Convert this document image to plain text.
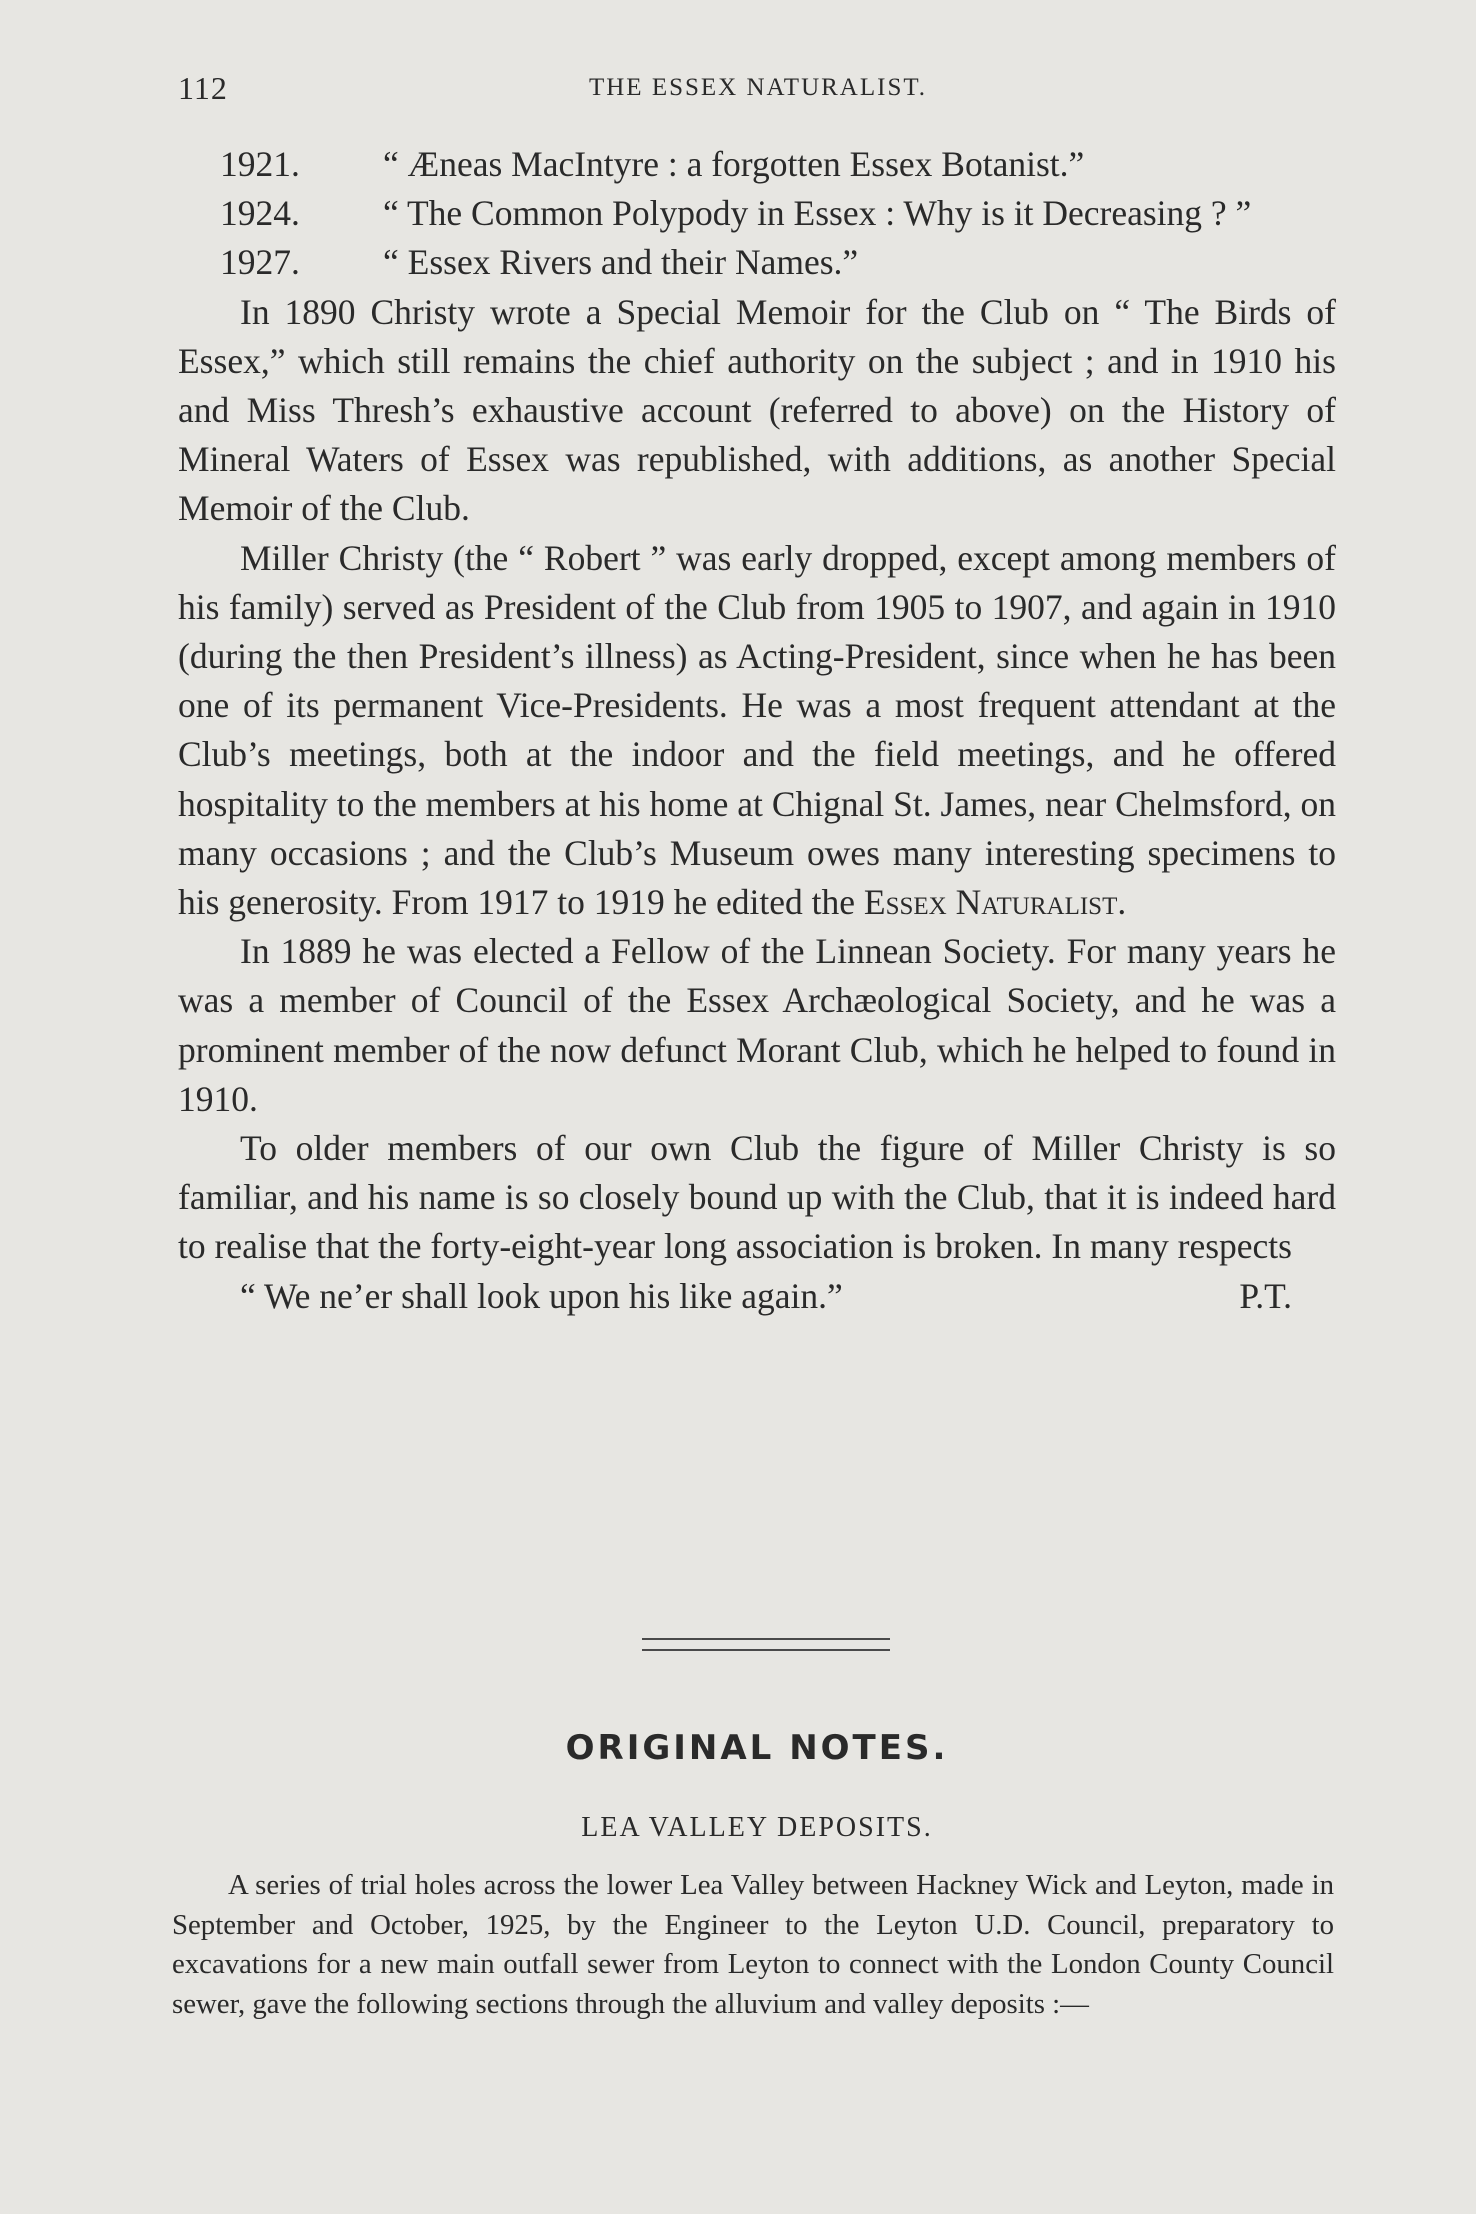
112	THE ESSEX NATURALIST.
1921. “ Æneas MacIntyre : a forgotten Essex Botanist.”
1924. “ The Common Polypody in Essex : Why is it Decreasing ? ”
1927. “ Essex Rivers and their Names.”

In 1890 Christy wrote a Special Memoir for the Club on “ The Birds of Essex,” which still remains the chief authority on the subject ; and in 1910 his and Miss Thresh’s exhaustive account (referred to above) on the History of Mineral Waters of Essex was republished, with additions, as another Special Memoir of the Club.

Miller Christy (the “ Robert ” was early dropped, except among members of his family) served as President of the Club from 1905 to 1907, and again in 1910 (during the then President’s illness) as Acting-President, since when he has been one of its permanent Vice-Presidents. He was a most frequent attendant at the Club’s meetings, both at the indoor and the field meetings, and he offered hospitality to the members at his home at Chignal St. James, near Chelmsford, on many occasions ; and the Club’s Museum owes many interesting specimens to his generosity. From 1917 to 1919 he edited the Essex Naturalist.

In 1889 he was elected a Fellow of the Linnean Society. For many years he was a member of Council of the Essex Archæological Society, and he was a prominent member of the now defunct Morant Club, which he helped to found in 1910.

To older members of our own Club the figure of Miller Christy is so familiar, and his name is so closely bound up with the Club, that it is indeed hard to realise that the forty-eight-year long association is broken. In many respects

“ We ne’er shall look upon his like again.”	P.T.
ORIGINAL NOTES.
LEA VALLEY DEPOSITS.

A series of trial holes across the lower Lea Valley between Hackney Wick and Leyton, made in September and October, 1925, by the Engineer to the Leyton U.D. Council, preparatory to excavations for a new main outfall sewer from Leyton to connect with the London County Council sewer, gave the following sections through the alluvium and valley deposits :—
